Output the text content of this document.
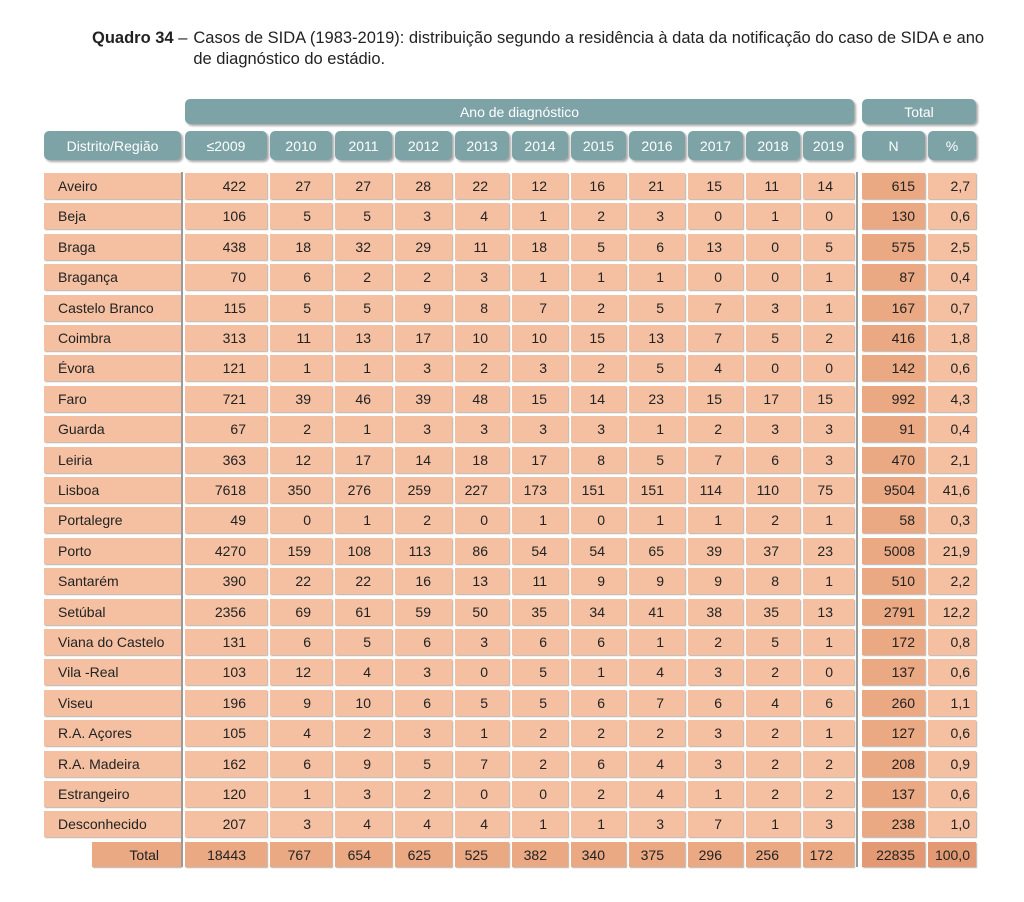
Quadro 34 – Casos de SIDA (1983-2019): distribuição segundo a residência à data da notificação do caso de SIDA e ano de diagnóstico do estádio.
Ano de diagnóstico	Total
Distrito/Região	≤2009	2010	2011	2012	2013	2014	2015	2016	2017	2018	2019	N	%
Aveiro	422	27	27	28	22	12	16	21	15	11	14	615	2,7
Beja	106	5	5	3	4	1	2	3	0	1	0	130	0,6
Braga	438	18	32	29	11	18	5	6	13	0	5	575	2,5
Bragança	70	6	2	2	3	1	1	1	0	0	1	87	0,4
Castelo Branco	115	5	5	9	8	7	2	5	7	3	1	167	0,7
Coimbra	313	11	13	17	10	10	15	13	7	5	2	416	1,8
Évora	121	1	1	3	2	3	2	5	4	0	0	142	0,6
Faro	721	39	46	39	48	15	14	23	15	17	15	992	4,3
Guarda	67	2	1	3	3	3	3	1	2	3	3	91	0,4
Leiria	363	12	17	14	18	17	8	5	7	6	3	470	2,1
Lisboa	7618	350	276	259	227	173	151	151	114	110	75	9504	41,6
Portalegre	49	0	1	2	0	1	0	1	1	2	1	58	0,3
Porto	4270	159	108	113	86	54	54	65	39	37	23	5008	21,9
Santarém	390	22	22	16	13	11	9	9	9	8	1	510	2,2
Setúbal	2356	69	61	59	50	35	34	41	38	35	13	2791	12,2
Viana do Castelo	131	6	5	6	3	6	6	1	2	5	1	172	0,8
Vila -Real	103	12	4	3	0	5	1	4	3	2	0	137	0,6
Viseu	196	9	10	6	5	5	6	7	6	4	6	260	1,1
R.A. Açores	105	4	2	3	1	2	2	2	3	2	1	127	0,6
R.A. Madeira	162	6	9	5	7	2	6	4	3	2	2	208	0,9
Estrangeiro	120	1	3	2	0	0	2	4	1	2	2	137	0,6
Desconhecido	207	3	4	4	4	1	1	3	7	1	3	238	1,0
Total	18443	767	654	625	525	382	340	375	296	256	172	22835	100,0
